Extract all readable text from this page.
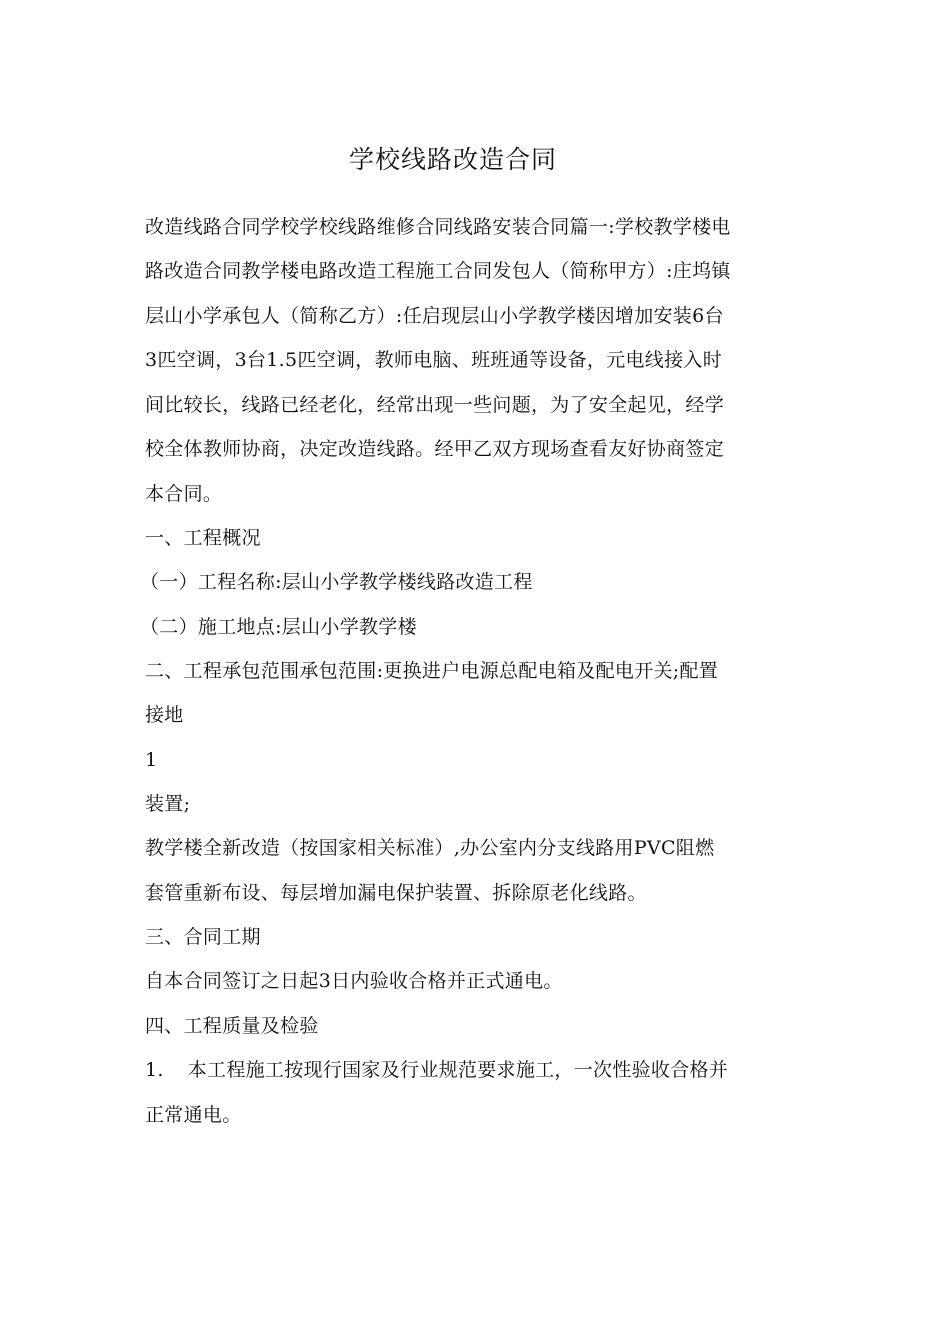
学校线路改造合同
改造线路合同学校学校线路维修合同线路安装合同篇一:学校教学楼电
路改造合同教学楼电路改造工程施工合同发包人（简称甲方）:庄坞镇
层山小学承包人（简称乙方）:任启现层山小学教学楼因增加安装6台
3匹空调，3台1.5匹空调，教师电脑、班班通等设备，元电线接入时
间比较长，线路已经老化，经常出现一些问题，为了安全起见，经学
校全体教师协商，决定改造线路。经甲乙双方现场查看友好协商签定
本合同。
一、工程概况
（一）工程名称:层山小学教学楼线路改造工程
（二）施工地点:层山小学教学楼
二、工程承包范围承包范围:更换进户电源总配电箱及配电开关;配置
接地
1
装置;
教学楼全新改造（按国家相关标准）,办公室内分支线路用PVC阻燃
套管重新布设、每层增加漏电保护装置、拆除原老化线路。
三、合同工期
自本合同签订之日起3日内验收合格并正式通电。
四、工程质量及检验
1. 本工程施工按现行国家及行业规范要求施工，一次性验收合格并
正常通电。
